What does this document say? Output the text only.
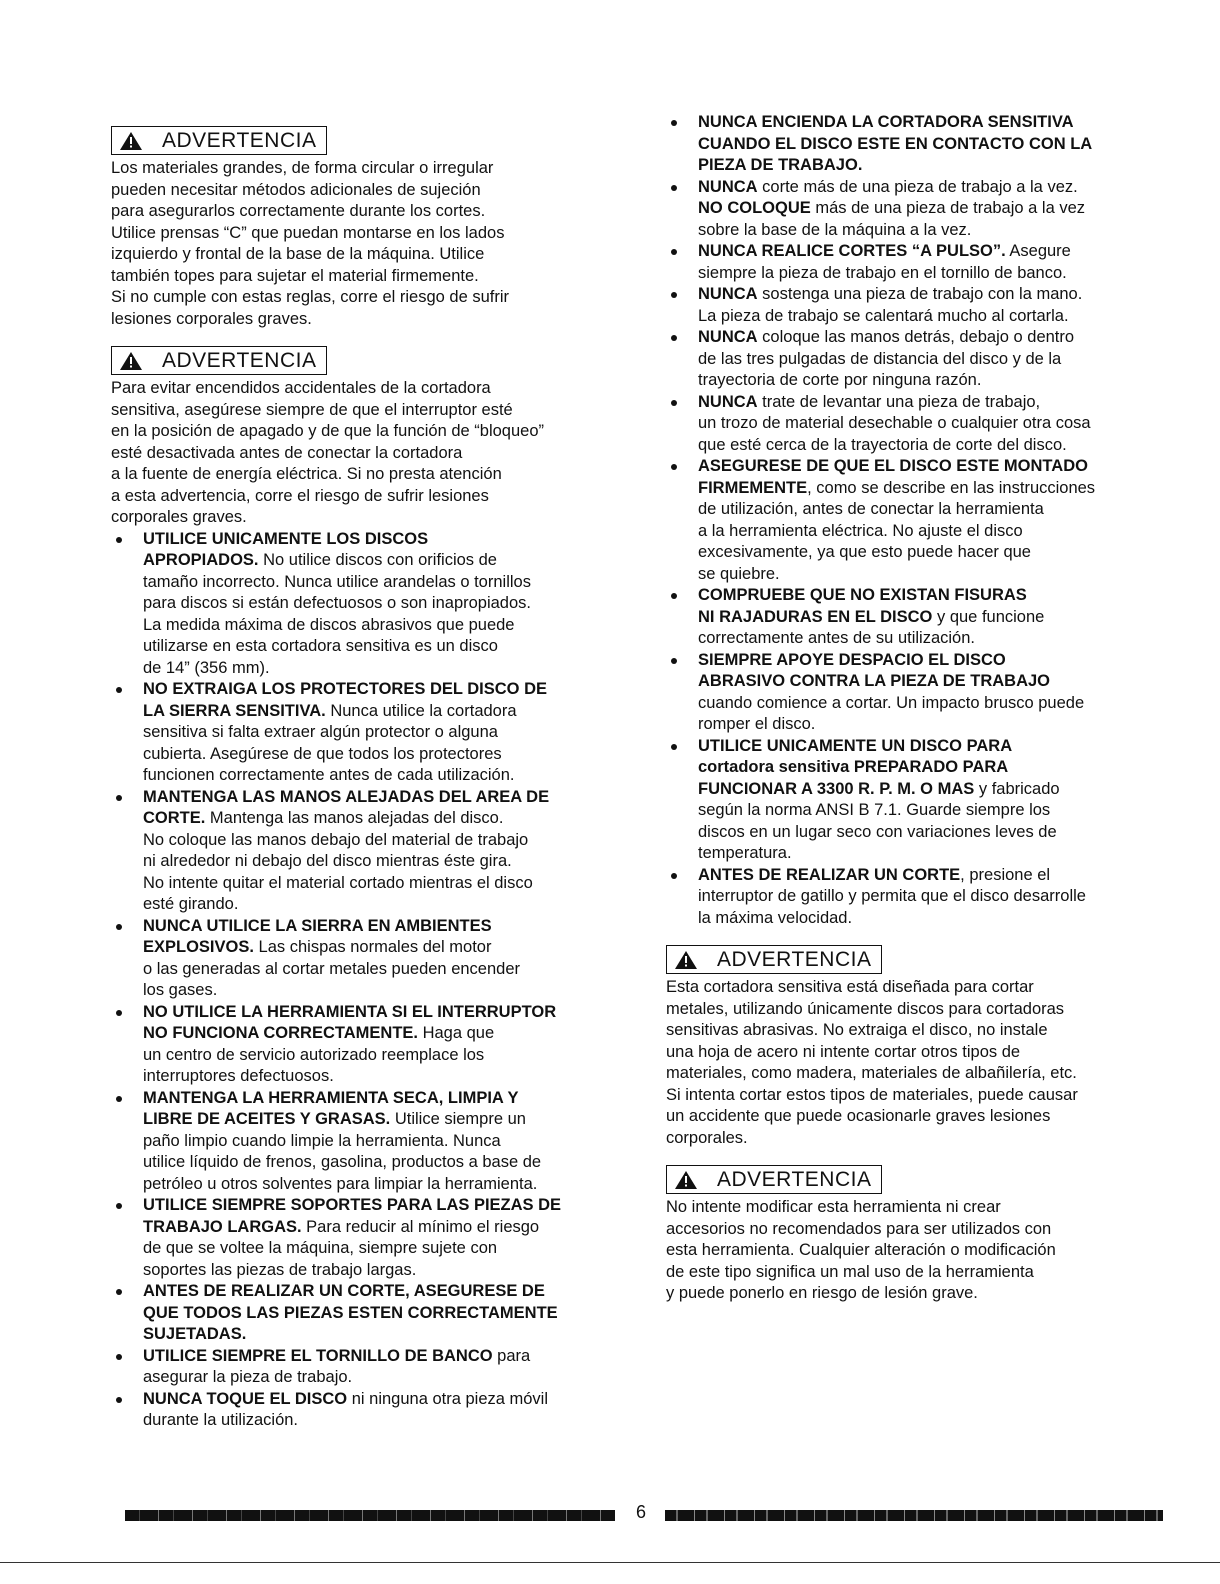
ADVERTENCIA

Los materiales grandes, de forma circular o irregular
pueden necesitar métodos adicionales de sujeción
para asegurarlos correctamente durante los cortes.
Utilice prensas “C” que puedan montarse en los lados
izquierdo y frontal de la base de la máquina. Utilice
también topes para sujetar el material firmemente.
Si no cumple con estas reglas, corre el riesgo de sufrir
lesiones corporales graves.

ADVERTENCIA

Para evitar encendidos accidentales de la cortadora
sensitiva, asegúrese siempre de que el interruptor esté
en la posición de apagado y de que la función de “bloqueo”
esté desactivada antes de conectar la cortadora
a la fuente de energía eléctrica. Si no presta atención
a esta advertencia, corre el riesgo de sufrir lesiones
corporales graves.

UTILICE UNICAMENTE LOS DISCOS
APROPIADOS. No utilice discos con orificios de
tamaño incorrecto. Nunca utilice arandelas o tornillos
para discos si están defectuosos o son inapropiados.
La medida máxima de discos abrasivos que puede
utilizarse en esta cortadora sensitiva es un disco
de 14” (356 mm).
NO EXTRAIGA LOS PROTECTORES DEL DISCO DE
LA SIERRA SENSITIVA. Nunca utilice la cortadora
sensitiva si falta extraer algún protector o alguna
cubierta. Asegúrese de que todos los protectores
funcionen correctamente antes de cada utilización.
MANTENGA LAS MANOS ALEJADAS DEL AREA DE
CORTE. Mantenga las manos alejadas del disco.
No coloque las manos debajo del material de trabajo
ni alrededor ni debajo del disco mientras éste gira.
No intente quitar el material cortado mientras el disco
esté girando.
NUNCA UTILICE LA SIERRA EN AMBIENTES
EXPLOSIVOS. Las chispas normales del motor
o las generadas al cortar metales pueden encender
los gases.
NO UTILICE LA HERRAMIENTA SI EL INTERRUPTOR
NO FUNCIONA CORRECTAMENTE. Haga que
un centro de servicio autorizado reemplace los
interruptores defectuosos.
MANTENGA LA HERRAMIENTA SECA, LIMPIA Y
LIBRE DE ACEITES Y GRASAS. Utilice siempre un
paño limpio cuando limpie la herramienta. Nunca
utilice líquido de frenos, gasolina, productos a base de
petróleo u otros solventes para limpiar la herramienta.
UTILICE SIEMPRE SOPORTES PARA LAS PIEZAS DE
TRABAJO LARGAS. Para reducir al mínimo el riesgo
de que se voltee la máquina, siempre sujete con
soportes las piezas de trabajo largas.
ANTES DE REALIZAR UN CORTE, ASEGURESE DE
QUE TODOS LAS PIEZAS ESTEN CORRECTAMENTE
SUJETADAS.
UTILICE SIEMPRE EL TORNILLO DE BANCO para
asegurar la pieza de trabajo.
NUNCA TOQUE EL DISCO ni ninguna otra pieza móvil
durante la utilización.
NUNCA ENCIENDA LA CORTADORA SENSITIVA
CUANDO EL DISCO ESTE EN CONTACTO CON LA
PIEZA DE TRABAJO.
NUNCA corte más de una pieza de trabajo a la vez.
NO COLOQUE más de una pieza de trabajo a la vez
sobre la base de la máquina a la vez.
NUNCA REALICE CORTES “A PULSO”. Asegure
siempre la pieza de trabajo en el tornillo de banco.
NUNCA sostenga una pieza de trabajo con la mano.
La pieza de trabajo se calentará mucho al cortarla.
NUNCA coloque las manos detrás, debajo o dentro
de las tres pulgadas de distancia del disco y de la
trayectoria de corte por ninguna razón.
NUNCA trate de levantar una pieza de trabajo,
un trozo de material desechable o cualquier otra cosa
que esté cerca de la trayectoria de corte del disco.
ASEGURESE DE QUE EL DISCO ESTE MONTADO
FIRMEMENTE, como se describe en las instrucciones
de utilización, antes de conectar la herramienta
a la herramienta eléctrica. No ajuste el disco
excesivamente, ya que esto puede hacer que
se quiebre.
COMPRUEBE QUE NO EXISTAN FISURAS
NI RAJADURAS EN EL DISCO y que funcione
correctamente antes de su utilización.
SIEMPRE APOYE DESPACIO EL DISCO
ABRASIVO CONTRA LA PIEZA DE TRABAJO
cuando comience a cortar. Un impacto brusco puede
romper el disco.
UTILICE UNICAMENTE UN DISCO PARA
cortadora sensitiva PREPARADO PARA
FUNCIONAR A 3300 R. P. M. O MAS y fabricado
según la norma ANSI B 7.1. Guarde siempre los
discos en un lugar seco con variaciones leves de
temperatura.
ANTES DE REALIZAR UN CORTE, presione el
interruptor de gatillo y permita que el disco desarrolle
la máxima velocidad.
ADVERTENCIA

Esta cortadora sensitiva está diseñada para cortar
metales, utilizando únicamente discos para cortadoras
sensitivas abrasivas. No extraiga el disco, no instale
una hoja de acero ni intente cortar otros tipos de
materiales, como madera, materiales de albañilería, etc.
Si intenta cortar estos tipos de materiales, puede causar
un accidente que puede ocasionarle graves lesiones
corporales.

ADVERTENCIA

No intente modificar esta herramienta ni crear
accesorios no recomendados para ser utilizados con
esta herramienta. Cualquier alteración o modificación
de este tipo significa un mal uso de la herramienta
y puede ponerlo en riesgo de lesión grave.

6
